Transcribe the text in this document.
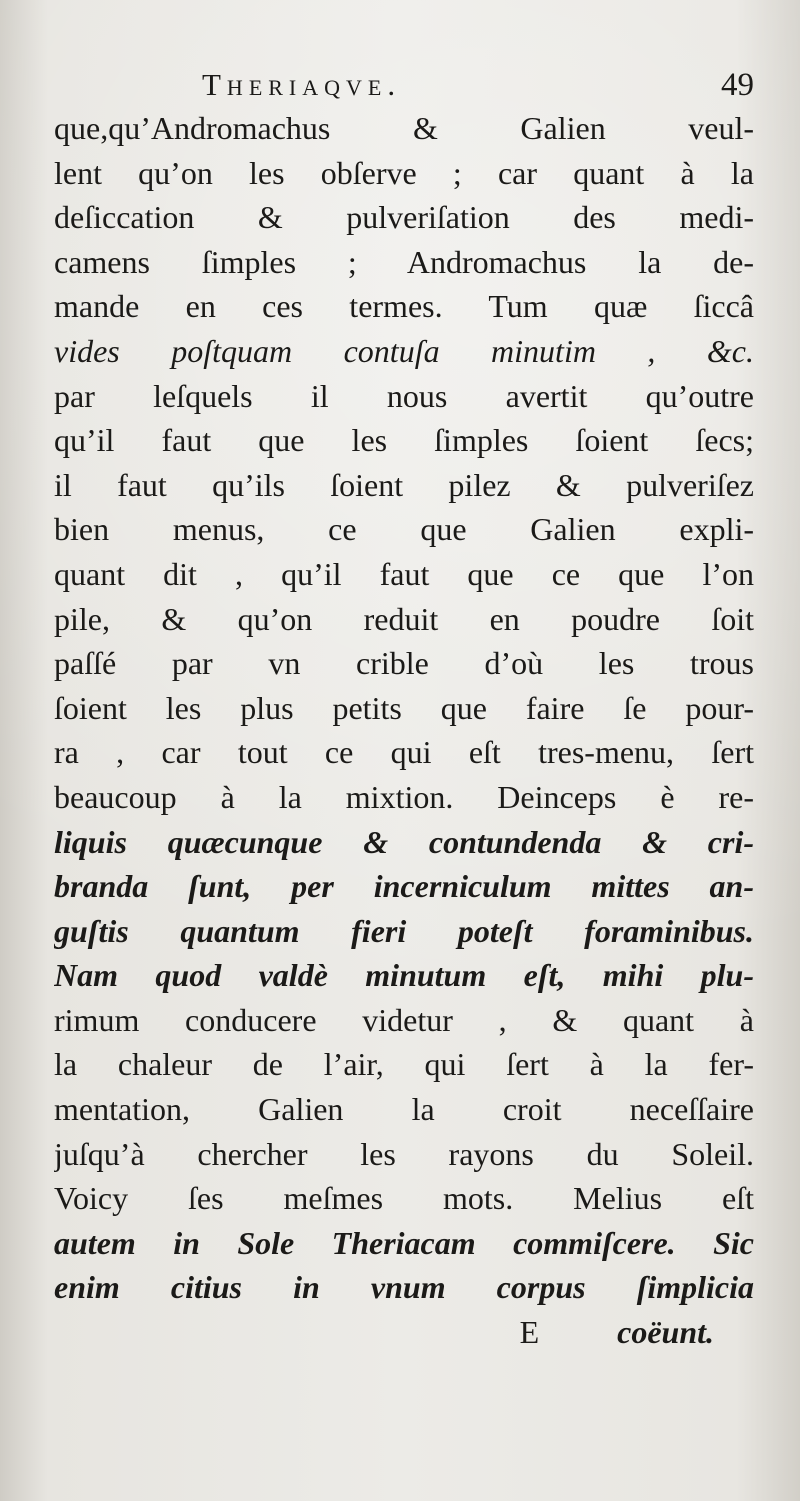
Theriaqve.	49
que,qu’Andromachus & Galien veul-
lent qu’on les obſerve ; car quant à la
deſiccation & pulveriſation des medi-
camens ſimples ; Andromachus la de-
mande en ces termes. Tum quæ ſiccâ
vides poſtquam contuſa minutim , &c.
par leſquels il nous avertit qu’outre
qu’il faut que les ſimples ſoient ſecs;
il faut qu’ils ſoient pilez & pulveriſez
bien menus, ce que Galien expli-
quant dit , qu’il faut que ce que l’on
pile, & qu’on reduit en poudre ſoit
paſſé par vn crible d’où les trous
ſoient les plus petits que faire ſe pour-
ra , car tout ce qui eſt tres-menu, ſert
beaucoup à la mixtion. Deinceps è re-
liquis quæcunque & contundenda & cri-
branda ſunt, per incerniculum mittes an-
guſtis quantum fieri poteſt foraminibus.
Nam quod valdè minutum eſt, mihi plu-
rimum conducere videtur , & quant à
la chaleur de l’air, qui ſert à la fer-
mentation, Galien la croit neceſſaire
juſqu’à chercher les rayons du Soleil.
Voicy ſes meſmes mots. Melius eſt
autem in Sole Theriacam commiſcere. Sic
enim citius in vnum corpus ſimplicia
E coëunt.
